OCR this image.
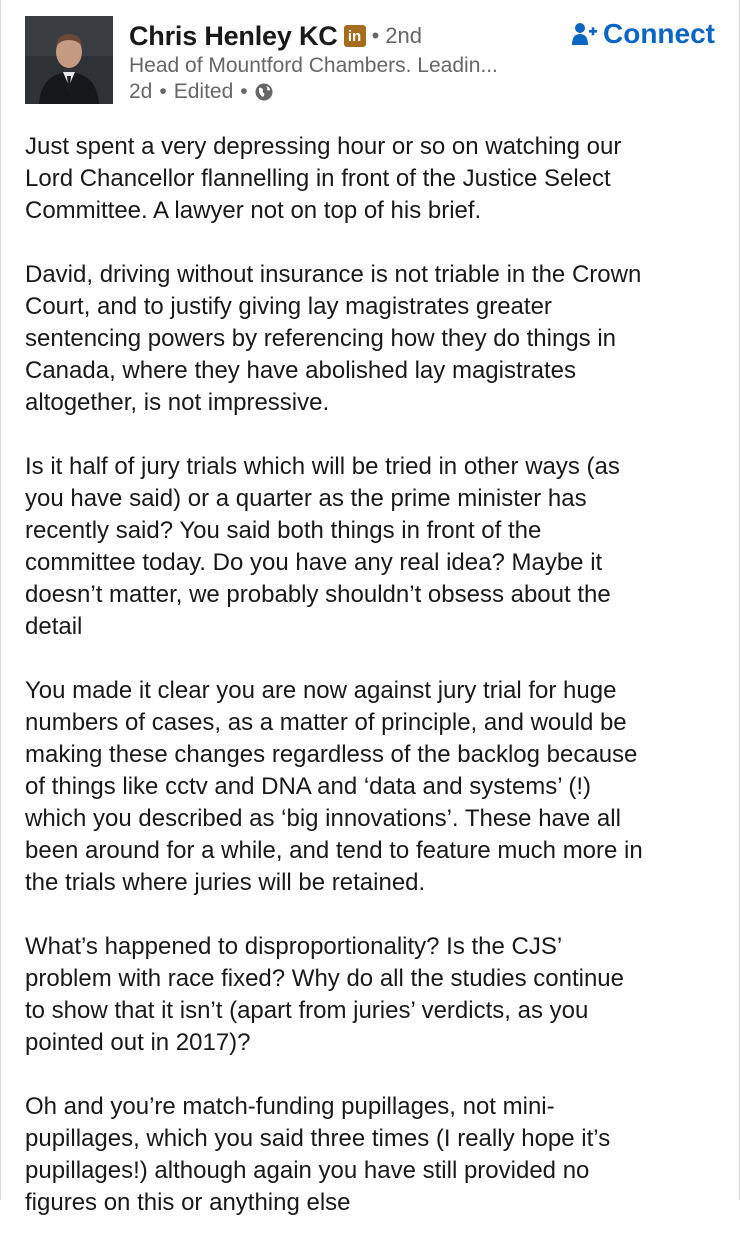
Chris Henley KC in • 2nd
Head of Mountford Chambers. Leadin...
2d • Edited •
Connect

Just spent a very depressing hour or so on watching our
Lord Chancellor flannelling in front of the Justice Select
Committee. A lawyer not on top of his brief.

David, driving without insurance is not triable in the Crown
Court, and to justify giving lay magistrates greater
sentencing powers by referencing how they do things in
Canada, where they have abolished lay magistrates
altogether, is not impressive.

Is it half of jury trials which will be tried in other ways (as
you have said) or a quarter as the prime minister has
recently said? You said both things in front of the
committee today. Do you have any real idea? Maybe it
doesn’t matter, we probably shouldn’t obsess about the
detail

You made it clear you are now against jury trial for huge
numbers of cases, as a matter of principle, and would be
making these changes regardless of the backlog because
of things like cctv and DNA and ‘data and systems’ (!)
which you described as ‘big innovations’. These have all
been around for a while, and tend to feature much more in
the trials where juries will be retained.

What’s happened to disproportionality? Is the CJS’
problem with race fixed? Why do all the studies continue
to show that it isn’t (apart from juries’ verdicts, as you
pointed out in 2017)?

Oh and you’re match-funding pupillages, not mini-
pupillages, which you said three times (I really hope it’s
pupillages!) although again you have still provided no
figures on this or anything else
